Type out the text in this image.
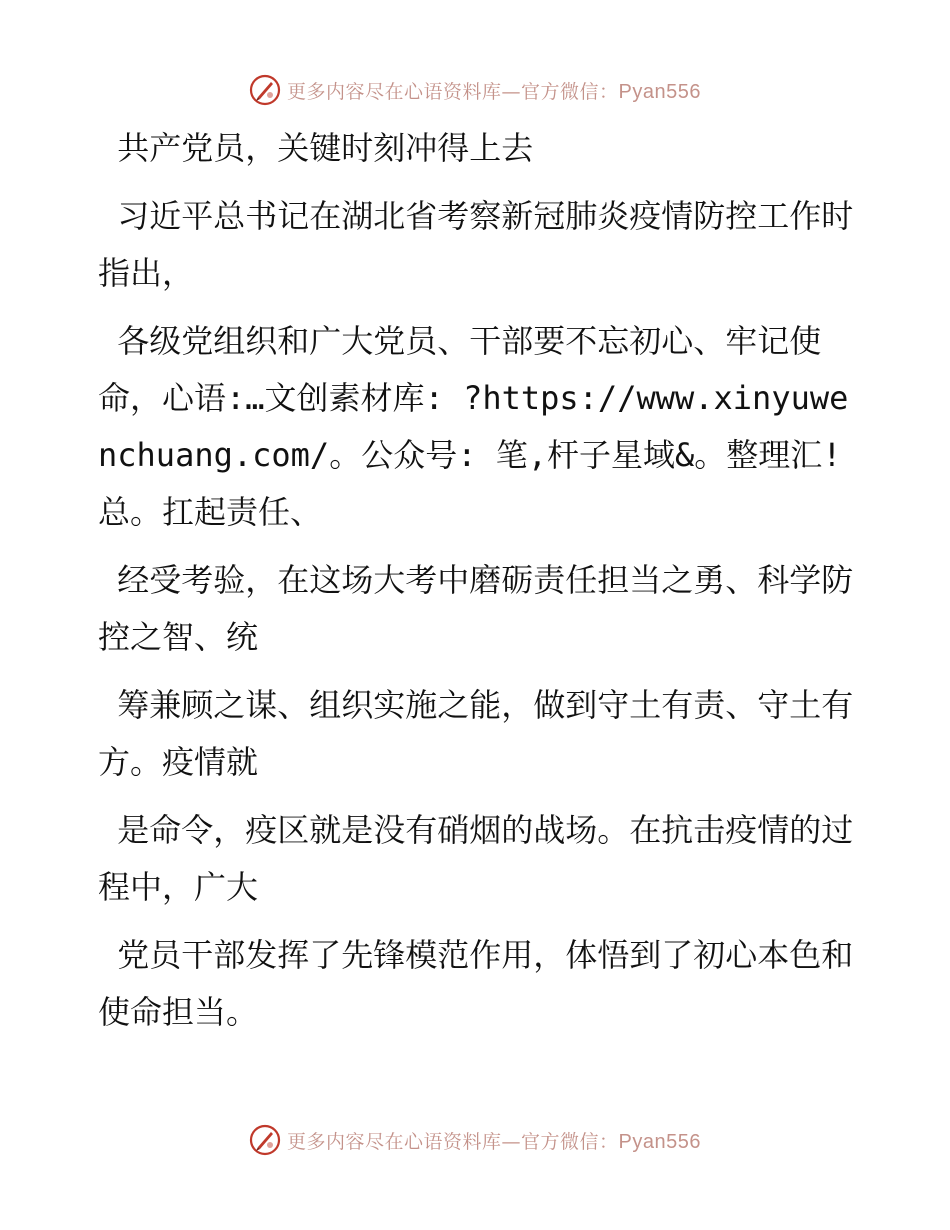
更多内容尽在心语资料库—官方微信：Pyan556

共产党员，关键时刻冲得上去

习近平总书记在湖北省考察新冠肺炎疫情防控工作时指出，

各级党组织和广大党员、干部要不忘初心、牢记使命，心语:…文创素材库: ?https://www.xinyuwenchuang.com/。公众号: 笔,杆子星域&。整理汇! 总。扛起责任、

经受考验，在这场大考中磨砺责任担当之勇、科学防控之智、统

筹兼顾之谋、组织实施之能，做到守土有责、守土有方。疫情就

是命令，疫区就是没有硝烟的战场。在抗击疫情的过程中，广大

党员干部发挥了先锋模范作用，体悟到了初心本色和使命担当。

更多内容尽在心语资料库—官方微信：Pyan556
